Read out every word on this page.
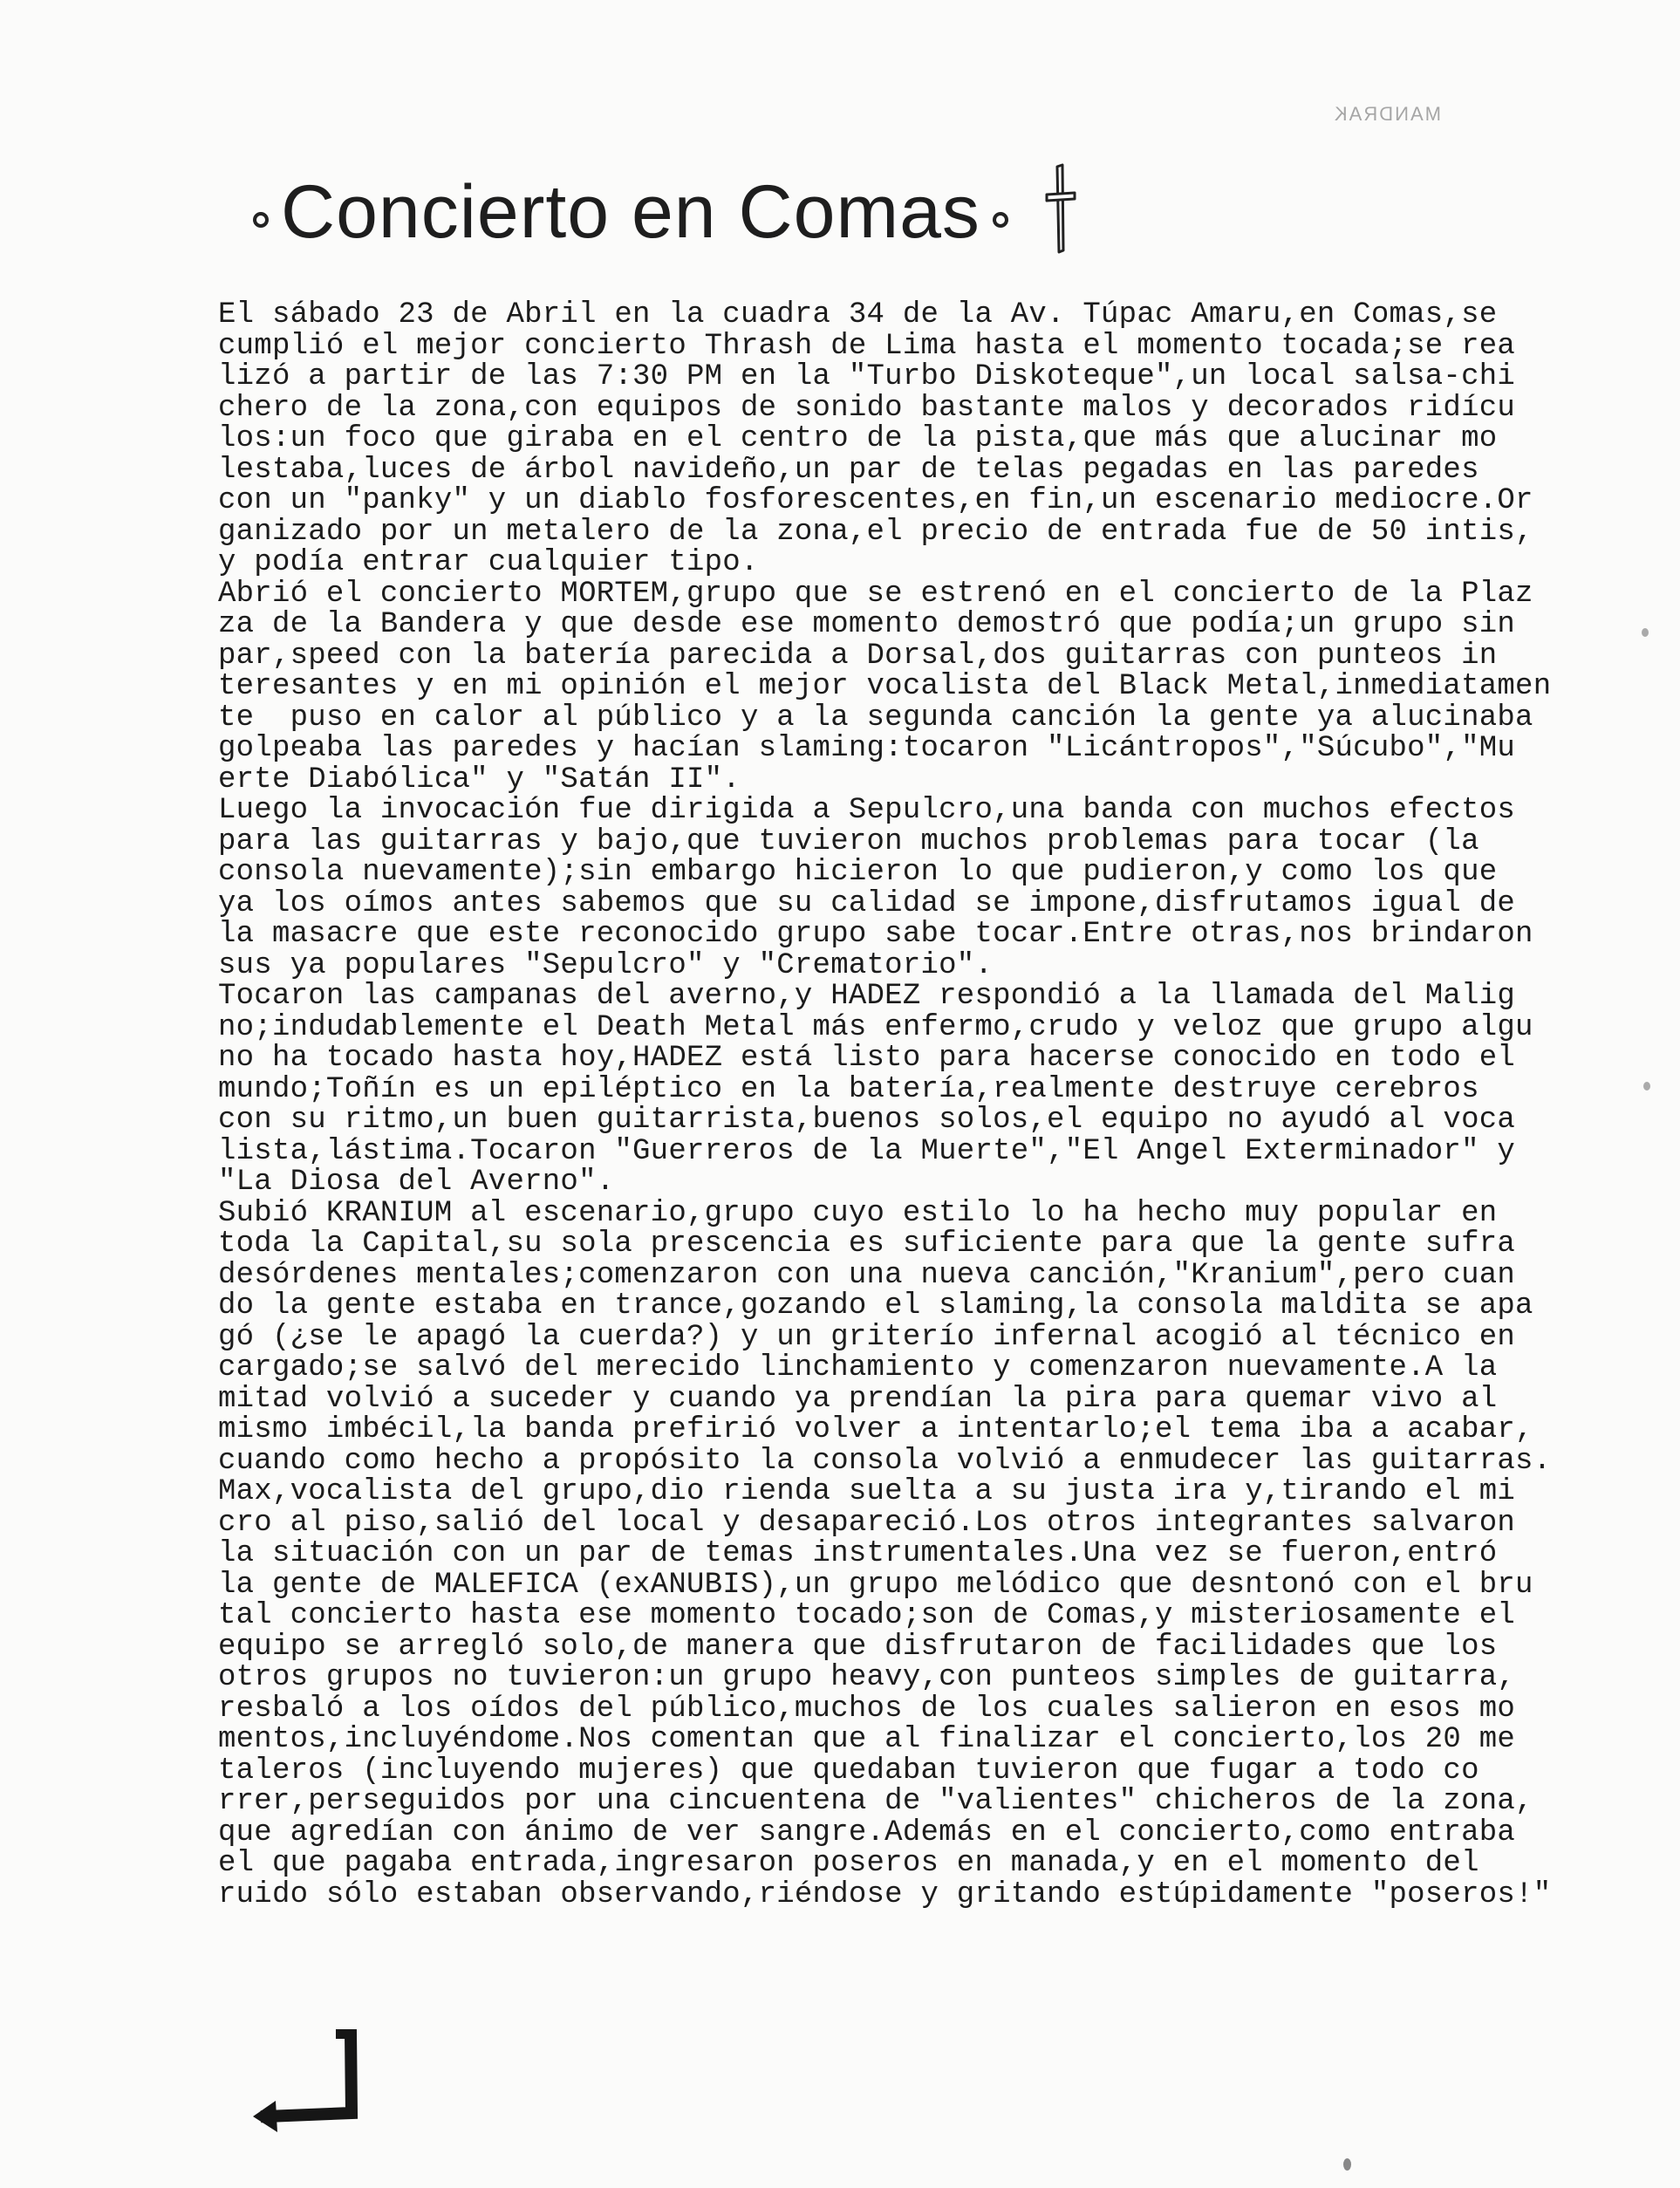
MANDRAK
Concierto en Comas
El sábado 23 de Abril en la cuadra 34 de la Av. Túpac Amaru,en Comas,se
cumplió el mejor concierto Thrash de Lima hasta el momento tocada;se rea
lizó a partir de las 7:30 PM en la "Turbo Diskoteque",un local salsa-chi
chero de la zona,con equipos de sonido bastante malos y decorados ridícu
los:un foco que giraba en el centro de la pista,que más que alucinar mo
lestaba,luces de árbol navideño,un par de telas pegadas en las paredes
con un "panky" y un diablo fosforescentes,en fin,un escenario mediocre.Or
ganizado por un metalero de la zona,el precio de entrada fue de 50 intis,
y podía entrar cualquier tipo.
Abrió el concierto MORTEM,grupo que se estrenó en el concierto de la Plaz
za de la Bandera y que desde ese momento demostró que podía;un grupo sin
par,speed con la batería parecida a Dorsal,dos guitarras con punteos in
teresantes y en mi opinión el mejor vocalista del Black Metal,inmediatamen
te  puso en calor al público y a la segunda canción la gente ya alucinaba
golpeaba las paredes y hacían slaming:tocaron "Licántropos","Súcubo","Mu
erte Diabólica" y "Satán II".
Luego la invocación fue dirigida a Sepulcro,una banda con muchos efectos
para las guitarras y bajo,que tuvieron muchos problemas para tocar (la
consola nuevamente);sin embargo hicieron lo que pudieron,y como los que
ya los oímos antes sabemos que su calidad se impone,disfrutamos igual de
la masacre que este reconocido grupo sabe tocar.Entre otras,nos brindaron
sus ya populares "Sepulcro" y "Crematorio".
Tocaron las campanas del averno,y HADEZ respondió a la llamada del Malig
no;indudablemente el Death Metal más enfermo,crudo y veloz que grupo algu
no ha tocado hasta hoy,HADEZ está listo para hacerse conocido en todo el
mundo;Toñín es un epiléptico en la batería,realmente destruye cerebros
con su ritmo,un buen guitarrista,buenos solos,el equipo no ayudó al voca
lista,lástima.Tocaron "Guerreros de la Muerte","El Angel Exterminador" y
"La Diosa del Averno".
Subió KRANIUM al escenario,grupo cuyo estilo lo ha hecho muy popular en
toda la Capital,su sola prescencia es suficiente para que la gente sufra
desórdenes mentales;comenzaron con una nueva canción,"Kranium",pero cuan
do la gente estaba en trance,gozando el slaming,la consola maldita se apa
gó (¿se le apagó la cuerda?) y un griterío infernal acogió al técnico en
cargado;se salvó del merecido linchamiento y comenzaron nuevamente.A la
mitad volvió a suceder y cuando ya prendían la pira para quemar vivo al
mismo imbécil,la banda prefirió volver a intentarlo;el tema iba a acabar,
cuando como hecho a propósito la consola volvió a enmudecer las guitarras.
Max,vocalista del grupo,dio rienda suelta a su justa ira y,tirando el mi
cro al piso,salió del local y desapareció.Los otros integrantes salvaron
la situación con un par de temas instrumentales.Una vez se fueron,entró
la gente de MALEFICA (exANUBIS),un grupo melódico que desntonó con el bru
tal concierto hasta ese momento tocado;son de Comas,y misteriosamente el
equipo se arregló solo,de manera que disfrutaron de facilidades que los
otros grupos no tuvieron:un grupo heavy,con punteos simples de guitarra,
resbaló a los oídos del público,muchos de los cuales salieron en esos mo
mentos,incluyéndome.Nos comentan que al finalizar el concierto,los 20 me
taleros (incluyendo mujeres) que quedaban tuvieron que fugar a todo co
rrer,perseguidos por una cincuentena de "valientes" chicheros de la zona,
que agredían con ánimo de ver sangre.Además en el concierto,como entraba
el que pagaba entrada,ingresaron poseros en manada,y en el momento del
ruido sólo estaban observando,riéndose y gritando estúpidamente "poseros!"
